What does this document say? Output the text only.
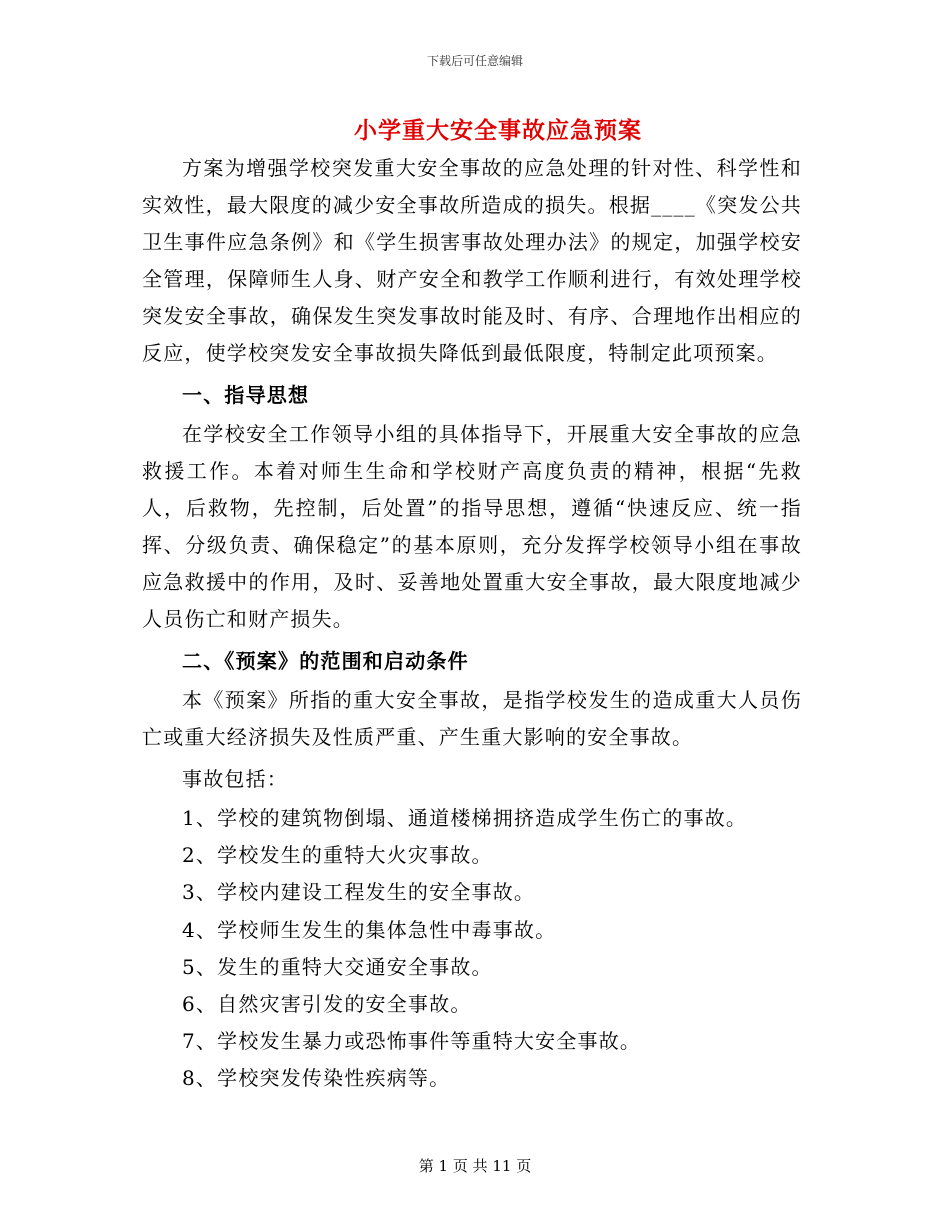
下载后可任意编辑
小学重大安全事故应急预案

方案为增强学校突发重大安全事故的应急处理的针对性、科学性和实效性，最大限度的减少安全事故所造成的损失。根据____《突发公共卫生事件应急条例》和《学生损害事故处理办法》的规定，加强学校安全管理，保障师生人身、财产安全和教学工作顺利进行，有效处理学校突发安全事故，确保发生突发事故时能及时、有序、合理地作出相应的反应，使学校突发安全事故损失降低到最低限度，特制定此项预案。

一、指导思想

在学校安全工作领导小组的具体指导下，开展重大安全事故的应急救援工作。本着对师生生命和学校财产高度负责的精神，根据“先救人，后救物，先控制，后处置”的指导思想，遵循“快速反应、统一指挥、分级负责、确保稳定”的基本原则，充分发挥学校领导小组在事故应急救援中的作用，及时、妥善地处置重大安全事故，最大限度地减少人员伤亡和财产损失。

二、《预案》的范围和启动条件

本《预案》所指的重大安全事故，是指学校发生的造成重大人员伤亡或重大经济损失及性质严重、产生重大影响的安全事故。

事故包括：

1、学校的建筑物倒塌、通道楼梯拥挤造成学生伤亡的事故。

2、学校发生的重特大火灾事故。

3、学校内建设工程发生的安全事故。

4、学校师生发生的集体急性中毒事故。

5、发生的重特大交通安全事故。

6、自然灾害引发的安全事故。

7、学校发生暴力或恐怖事件等重特大安全事故。

8、学校突发传染性疾病等。

第 1 页 共 11 页
